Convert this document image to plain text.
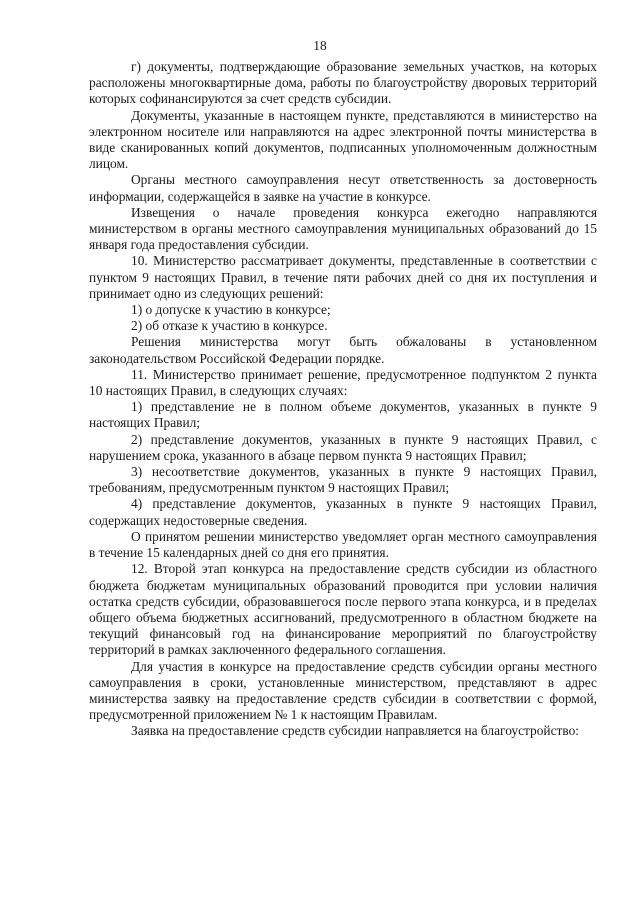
18

г) документы, подтверждающие образование земельных участков, на которых расположены многоквартирные дома, работы по благоустройству дворовых территорий которых софинансируются за счет средств субсидии.

Документы, указанные в настоящем пункте, представляются в министерство на электронном носителе или направляются на адрес электронной почты министерства в виде сканированных копий документов, подписанных уполномоченным должностным лицом.

Органы местного самоуправления несут ответственность за достоверность информации, содержащейся в заявке на участие в конкурсе.

Извещения о начале проведения конкурса ежегодно направляются министерством в органы местного самоуправления муниципальных образований до 15 января года предоставления субсидии.

10. Министерство рассматривает документы, представленные в соответствии с пунктом 9 настоящих Правил, в течение пяти рабочих дней со дня их поступления и принимает одно из следующих решений:

1) о допуске к участию в конкурсе;

2) об отказе к участию в конкурсе.

Решения министерства могут быть обжалованы в установленном законодательством Российской Федерации порядке.

11. Министерство принимает решение, предусмотренное подпунктом 2 пункта 10 настоящих Правил, в следующих случаях:

1) представление не в полном объеме документов, указанных в пункте 9 настоящих Правил;

2) представление документов, указанных в пункте 9 настоящих Правил, с нарушением срока, указанного в абзаце первом пункта 9 настоящих Правил;

3) несоответствие документов, указанных в пункте 9 настоящих Правил, требованиям, предусмотренным пунктом 9 настоящих Правил;

4) представление документов, указанных в пункте 9 настоящих Правил, содержащих недостоверные сведения.

О принятом решении министерство уведомляет орган местного самоуправления в течение 15 календарных дней со дня его принятия.

12. Второй этап конкурса на предоставление средств субсидии из областного бюджета бюджетам муниципальных образований проводится при условии наличия остатка средств субсидии, образовавшегося после первого этапа конкурса, и в пределах общего объема бюджетных ассигнований, предусмотренного в областном бюджете на текущий финансовый год на финансирование мероприятий по благоустройству территорий в рамках заключенного федерального соглашения.

Для участия в конкурсе на предоставление средств субсидии органы местного самоуправления в сроки, установленные министерством, представляют в адрес министерства заявку на предоставление средств субсидии в соответствии с формой, предусмотренной приложением № 1 к настоящим Правилам.

Заявка на предоставление средств субсидии направляется на благоустройство:
